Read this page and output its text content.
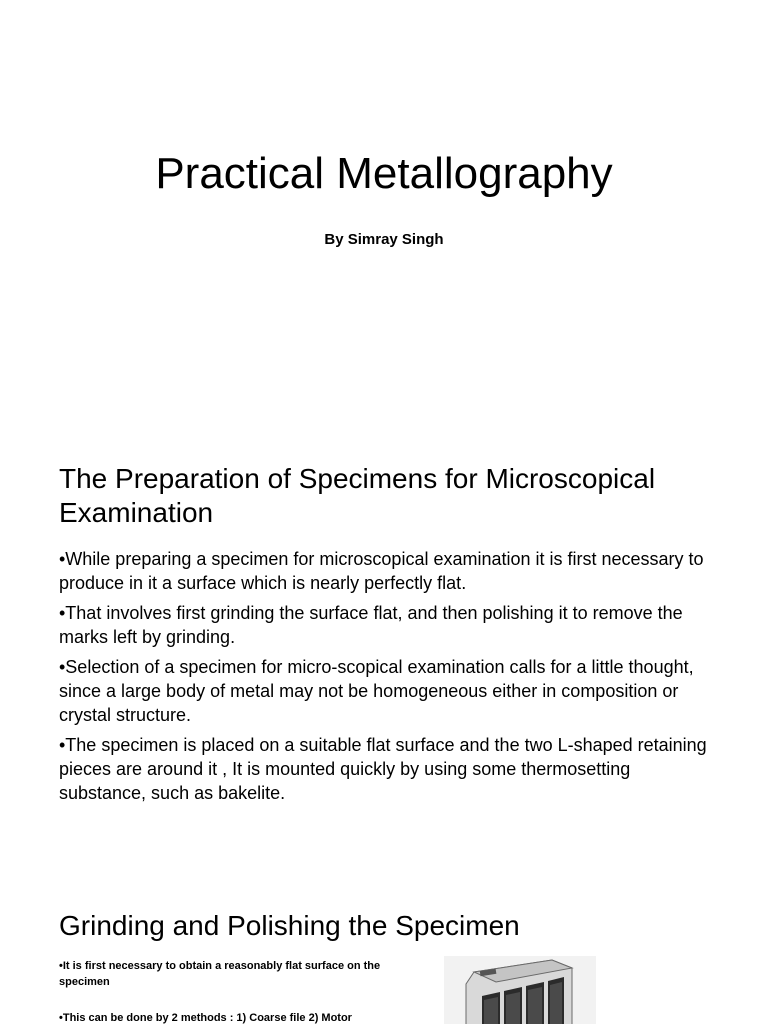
Practical Metallography
By Simray Singh
The Preparation of Specimens for Microscopical Examination
•While preparing a specimen for microscopical examination it is first necessary to produce in it a surface which is nearly perfectly flat.
•That involves first grinding the surface flat, and then polishing it to remove the marks left by grinding.
•Selection of a specimen for micro-scopical examination calls for a little thought, since a large body of metal may not be homogeneous either in composition or crystal structure.
•The specimen is placed on a suitable flat surface and the two L-shaped retaining pieces are around it , It is mounted quickly by using some thermosetting substance, such as bakelite.
Grinding and Polishing the Specimen
•It is first necessary to obtain a reasonably flat surface on the specimen
•This can be done by 2 methods : 1) Coarse file 2) Motor
